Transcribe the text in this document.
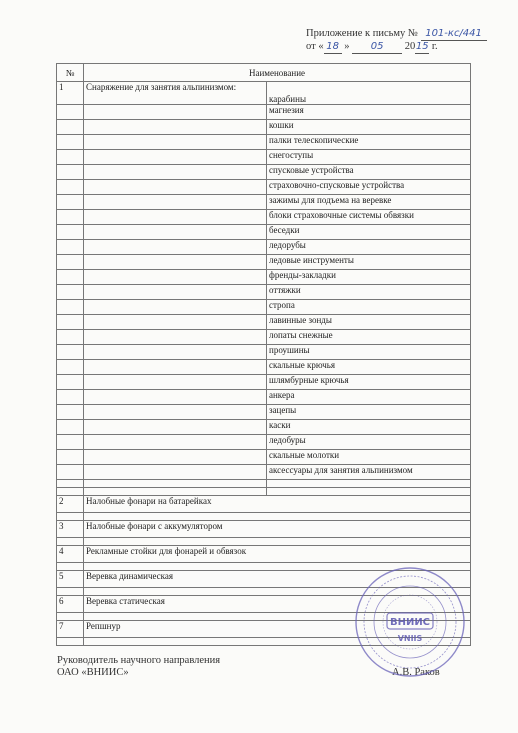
Приложение к письму № 101-кс/441
от « 18 » 05 2015 г.
№	Наименование	
1	Снаряжение для занятия альпинизмом:	карабины
		магнезия
		кошки
		палки телескопические
		снегоступы
		спусковые устройства
		страховочно-спусковые устройства
		зажимы для подъема на веревке
		блоки страховочные системы обвязки
		беседки
		ледорубы
		ледовые инструменты
		френды-закладки
		оттяжки
		стропа
		лавинные зонды
		лопаты снежные
		проушины
		скальные крючья
		шлямбурные крючья
		анкера
		зацепы
		каски
		ледобуры
		скальные молотки
		аксессуары для занятия альпинизмом

2	Налобные фонари на батарейках	

3	Налобные фонари с аккумулятором	

4	Рекламные стойки для фонарей и обвязок	

5	Веревка динамическая	

6	Веревка статическая	

7	Репшнур	

Руководитель научного направления
ОАО «ВНИИС»	А.В. Раков
ВНИИС
VNIIS
